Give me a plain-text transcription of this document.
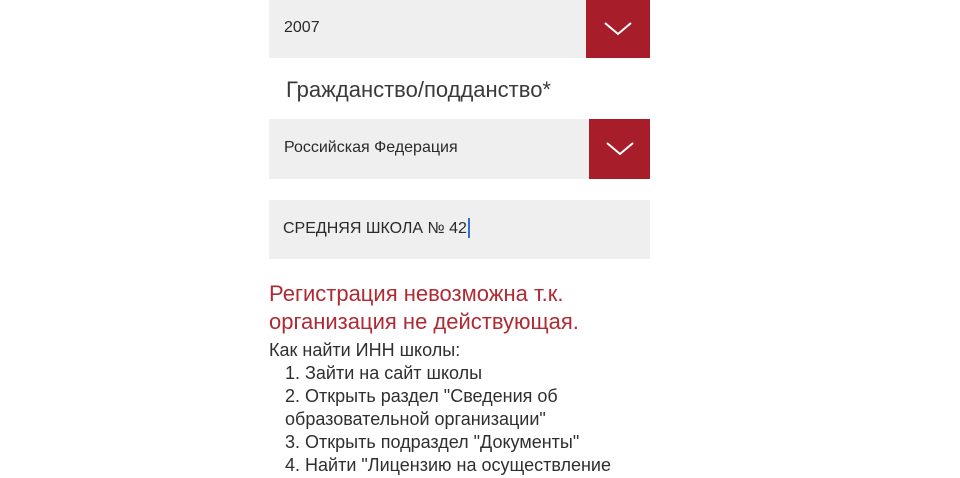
2007
Гражданство/подданство*
Российская Федерация
СРЕДНЯЯ ШКОЛА № 42
Регистрация невозможна т.к.
организация не действующая.
Как найти ИНН школы:
1. Зайти на сайт школы
2. Открыть раздел "Сведения об
образовательной организации"
3. Открыть подраздел "Документы"
4. Найти "Лицензию на осуществление
